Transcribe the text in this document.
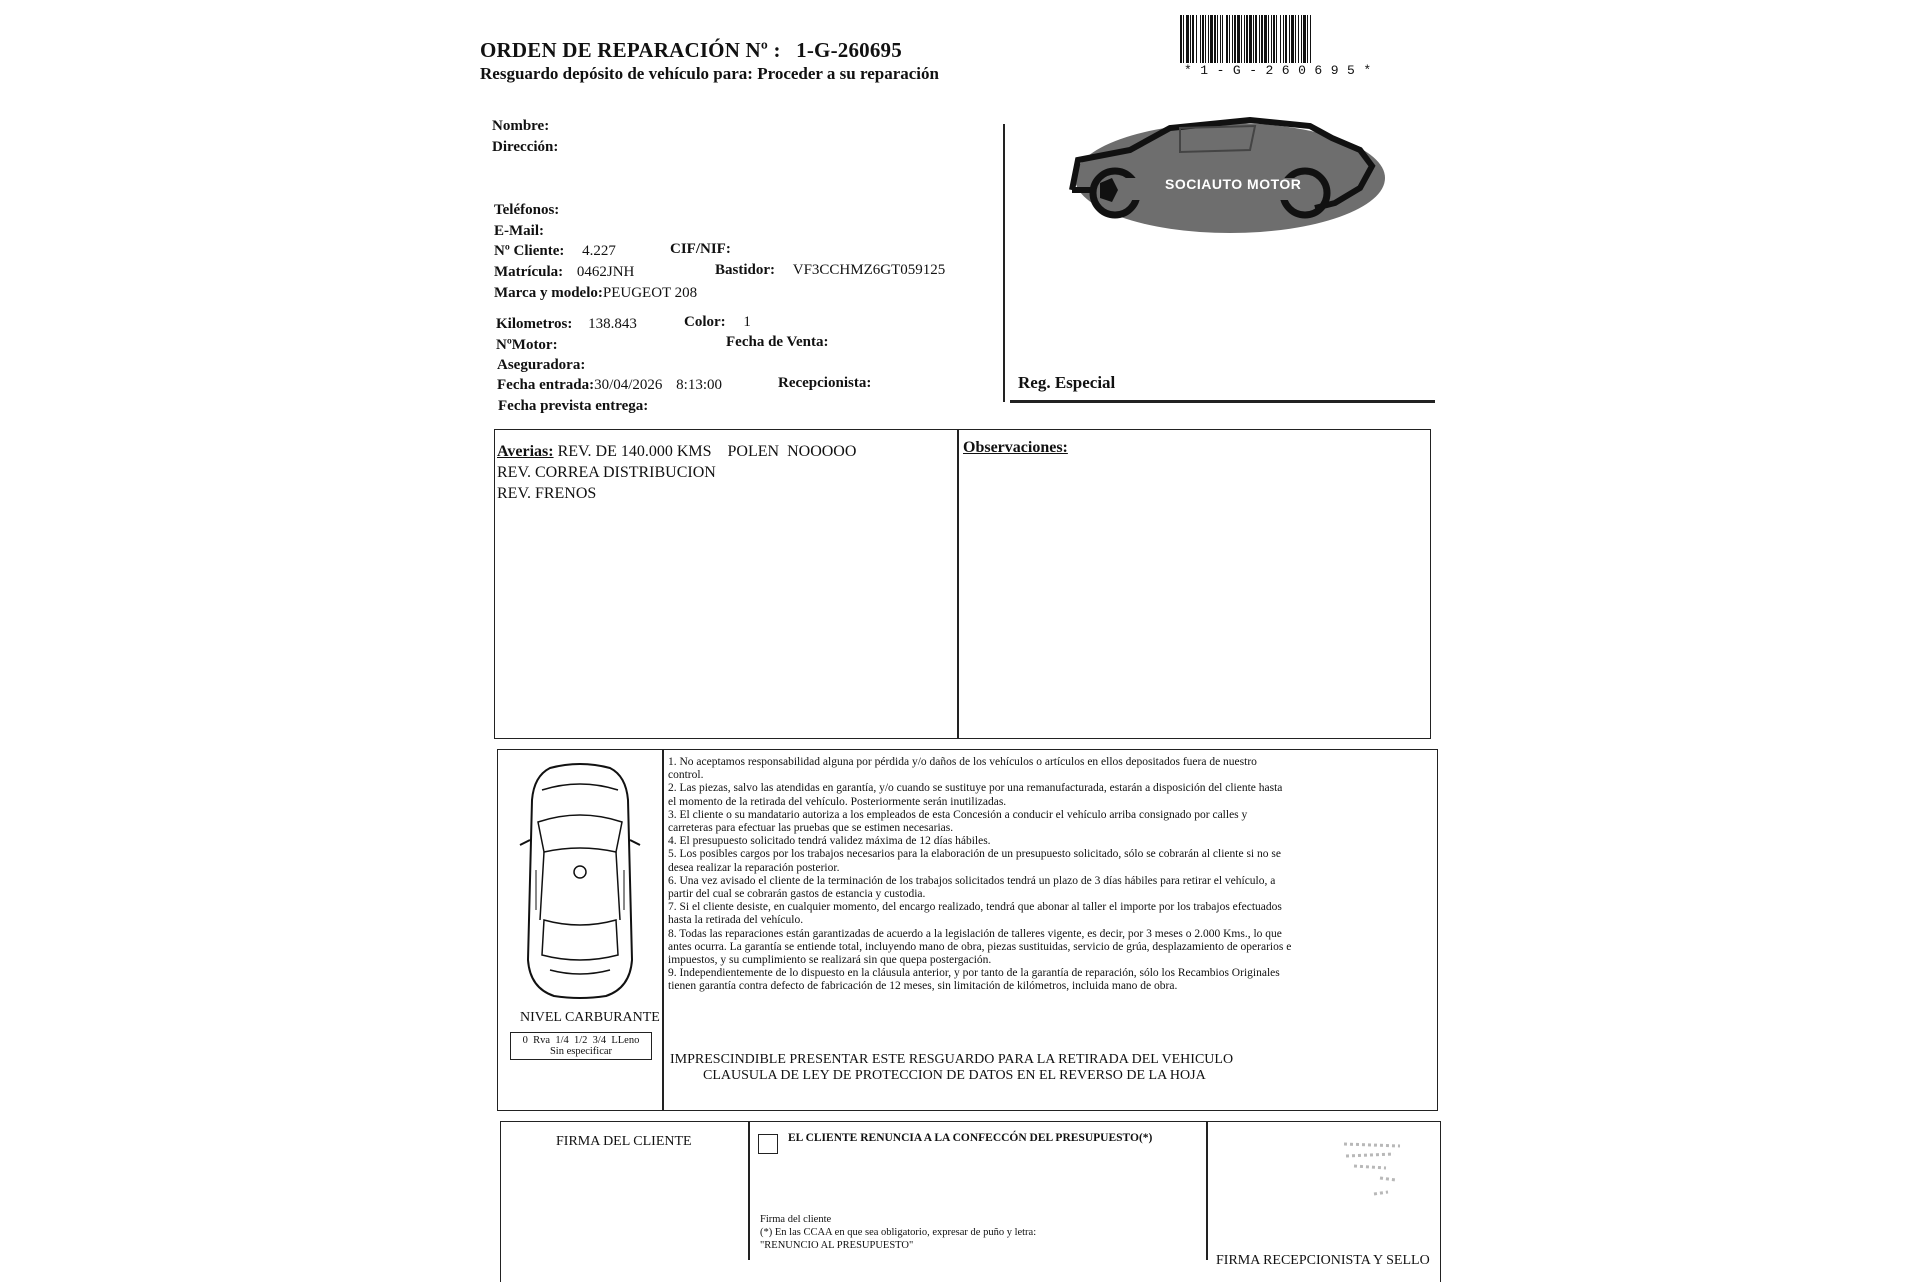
ORDEN DE REPARACIÓN Nº : 1-G-260695
Resguardo depósito de vehículo para: Proceder a su reparación	*1-G-260695*
Nombre:
Dirección:
Teléfonos:
E-Mail:
Nº Cliente: 4.227	CIF/NIF:
Matrícula: 0462JNH	Bastidor: VF3CCHMZ6GT059125
Marca y modelo:PEUGEOT 208
Kilometros: 138.843	Color: 1
NºMotor:	Fecha de Venta:
Aseguradora:
Fecha entrada:30/04/2026 8:13:00	Recepcionista:
Fecha prevista entrega:
SOCIAUTO MOTOR
Reg. Especial
Averias: REV. DE 140.000 KMS    POLEN  NOOOOO
REV. CORREA DISTRIBUCION
REV. FRENOS
Observaciones:
NIVEL CARBURANTE
0  Rva  1/4  1/2  3/4  LLeno
Sin especificar
1. No aceptamos responsabilidad alguna por pérdida y/o daños de los vehículos o artículos en ellos depositados fuera de nuestro
control.
2. Las piezas, salvo las atendidas en garantía, y/o cuando se sustituye por una remanufacturada, estarán a disposición del cliente hasta
el momento de la retirada del vehículo. Posteriormente serán inutilizadas.
3. El cliente o su mandatario autoriza a los empleados de esta Concesión a conducir el vehículo arriba consignado por calles y
carreteras para efectuar las pruebas que se estimen necesarias.
4. El presupuesto solicitado tendrá validez máxima de 12 días hábiles.
5. Los posibles cargos por los trabajos necesarios para la elaboración de un presupuesto solicitado, sólo se cobrarán al cliente si no se
desea realizar la reparación posterior.
6. Una vez avisado el cliente de la terminación de los trabajos solicitados tendrá un plazo de 3 días hábiles para retirar el vehículo, a
partir del cual se cobrarán gastos de estancia y custodia.
7. Si el cliente desiste, en cualquier momento, del encargo realizado, tendrá que abonar al taller el importe por los trabajos efectuados
hasta la retirada del vehículo.
8. Todas las reparaciones están garantizadas de acuerdo a la legislación de talleres vigente, es decir, por 3 meses o 2.000 Kms., lo que
antes ocurra. La garantía se entiende total, incluyendo mano de obra, piezas sustituidas, servicio de grúa, desplazamiento de operarios e
impuestos, y su cumplimiento se realizará sin que quepa postergación.
9. Independientemente de lo dispuesto en la cláusula anterior, y por tanto de la garantía de reparación, sólo los Recambios Originales
tienen garantía contra defecto de fabricación de 12 meses, sin limitación de kilómetros, incluida mano de obra.
IMPRESCINDIBLE PRESENTAR ESTE RESGUARDO PARA LA RETIRADA DEL VEHICULO
CLAUSULA DE LEY DE PROTECCION DE DATOS EN EL REVERSO DE LA HOJA
FIRMA DEL CLIENTE	EL CLIENTE RENUNCIA A LA CONFECCÓN DEL PRESUPUESTO(*)
Firma del cliente
(*) En las CCAA en que sea obligatorio, expresar de puño y letra:
"RENUNCIO AL PRESUPUESTO"
FIRMA RECEPCIONISTA Y SELLO
